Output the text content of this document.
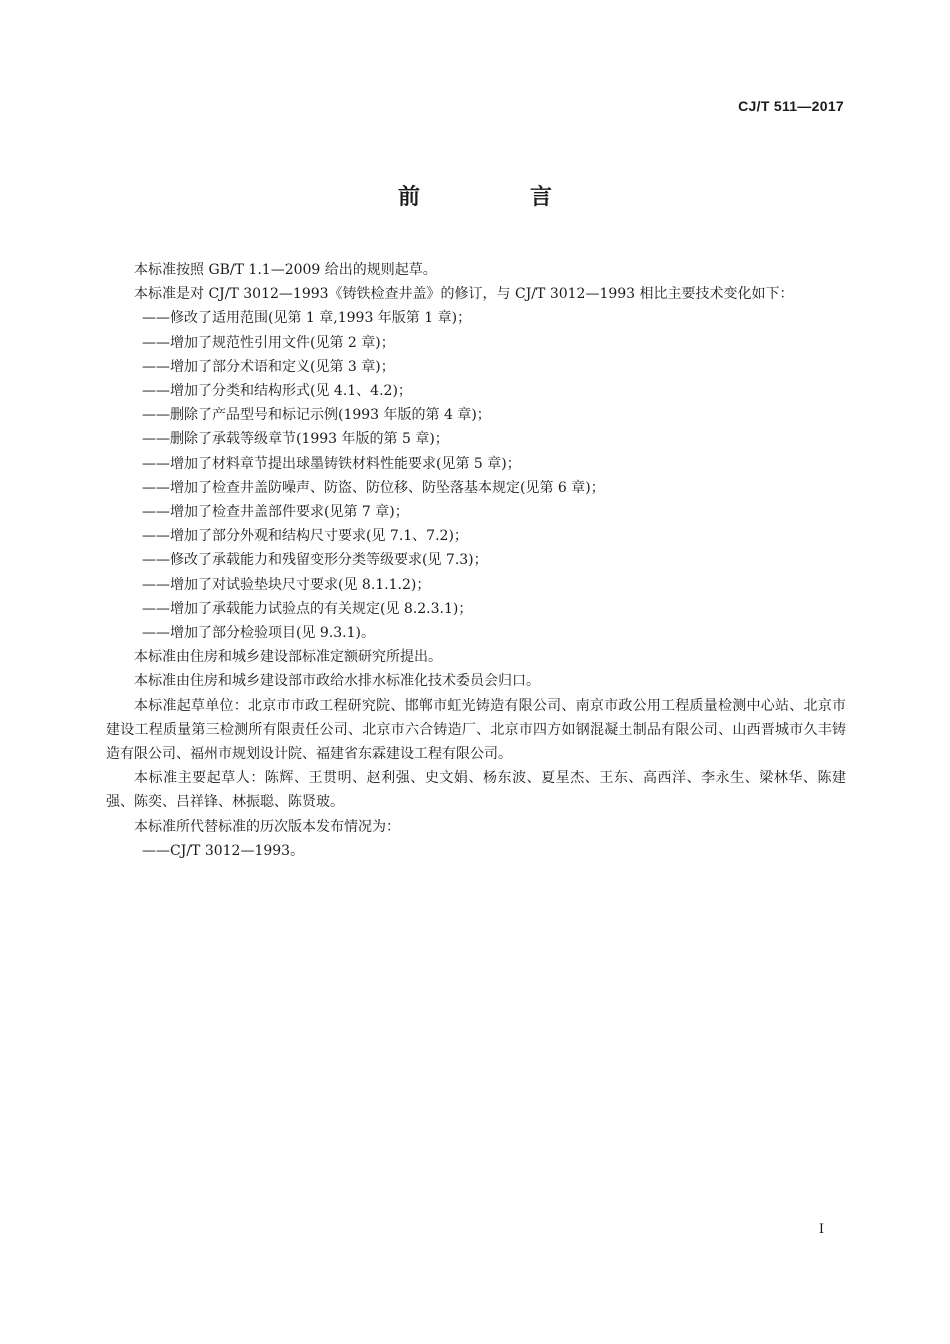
CJ/T 511—2017
前　言

本标准按照 GB/T 1.1—2009 给出的规则起草。

本标准是对 CJ/T 3012—1993《铸铁检查井盖》的修订，与 CJ/T 3012—1993 相比主要技术变化如下：

——修改了适用范围(见第 1 章,1993 年版第 1 章)；

——增加了规范性引用文件(见第 2 章)；

——增加了部分术语和定义(见第 3 章)；

——增加了分类和结构形式(见 4.1、4.2)；

——删除了产品型号和标记示例(1993 年版的第 4 章)；

——删除了承载等级章节(1993 年版的第 5 章)；

——增加了材料章节提出球墨铸铁材料性能要求(见第 5 章)；

——增加了检查井盖防噪声、防盗、防位移、防坠落基本规定(见第 6 章)；

——增加了检查井盖部件要求(见第 7 章)；

——增加了部分外观和结构尺寸要求(见 7.1、7.2)；

——修改了承载能力和残留变形分类等级要求(见 7.3)；

——增加了对试验垫块尺寸要求(见 8.1.1.2)；

——增加了承载能力试验点的有关规定(见 8.2.3.1)；

——增加了部分检验项目(见 9.3.1)。

本标准由住房和城乡建设部标准定额研究所提出。

本标准由住房和城乡建设部市政给水排水标准化技术委员会归口。

本标准起草单位：北京市市政工程研究院、邯郸市虹光铸造有限公司、南京市政公用工程质量检测中心站、北京市建设工程质量第三检测所有限责任公司、北京市六合铸造厂、北京市四方如钢混凝土制品有限公司、山西晋城市久丰铸造有限公司、福州市规划设计院、福建省东霖建设工程有限公司。

本标准主要起草人：陈辉、王贯明、赵利强、史文娟、杨东波、夏星杰、王东、高西洋、李永生、梁林华、陈建强、陈奕、吕祥锋、林振聪、陈贤玻。

本标准所代替标准的历次版本发布情况为：

——CJ/T 3012—1993。

I
